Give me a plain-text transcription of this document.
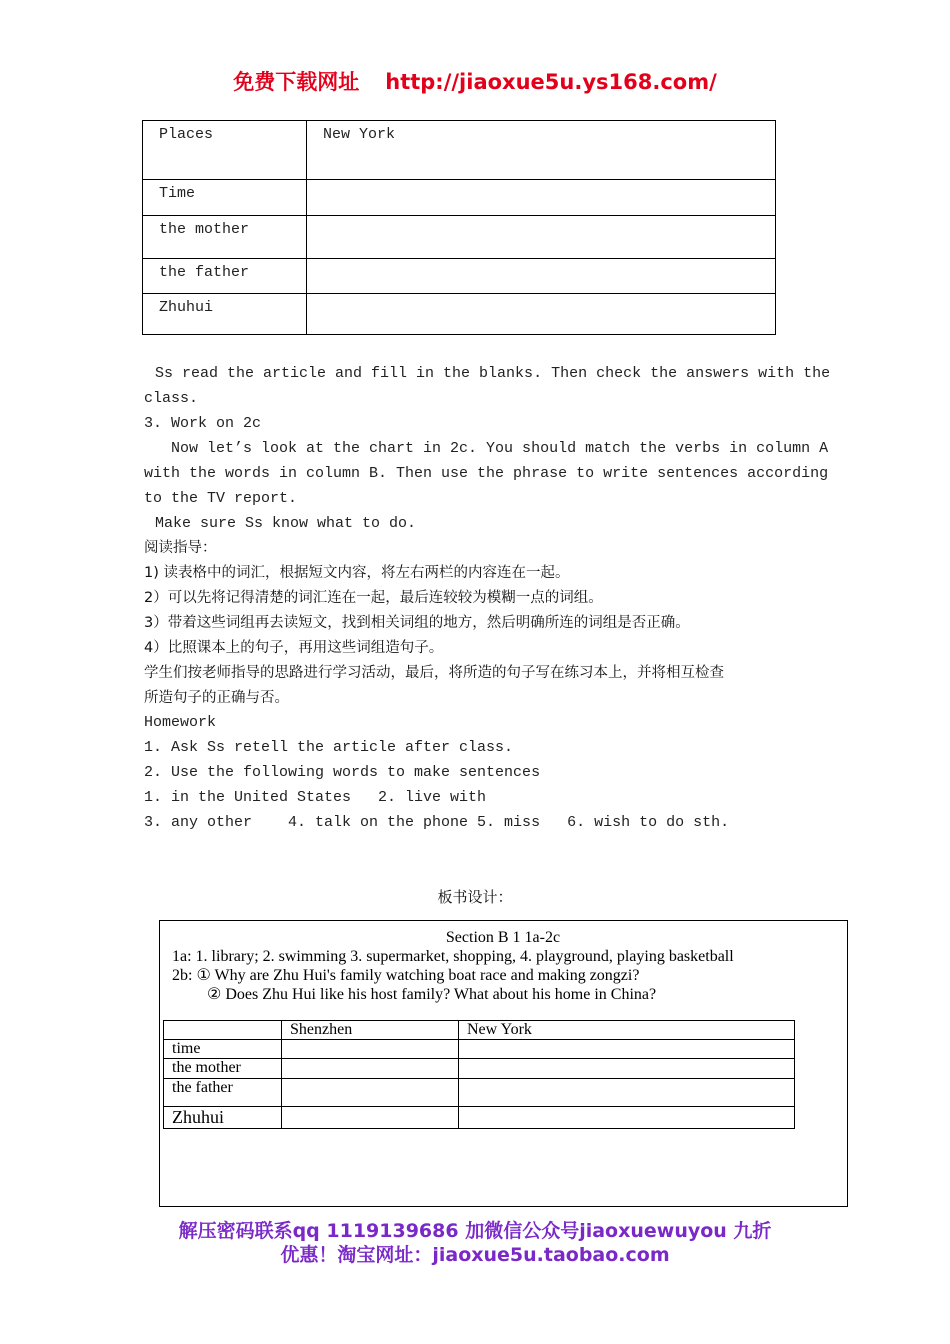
免费下载网址 http://jiaoxue5u.ys168.com/
Places	New York
Time	
the mother	
the father	
Zhuhui	
Ss read the article and fill in the blanks. Then check the answers with the
class.
3. Work on 2c
Now let’s look at the chart in 2c. You should match the verbs in column A
with the words in column B. Then use the phrase to write sentences according
to the TV report.
Make sure Ss know what to do.
阅读指导：
1) 读表格中的词汇，根据短文内容，将左右两栏的内容连在一起。
2）可以先将记得清楚的词汇连在一起，最后连较较为模糊一点的词组。
3）带着这些词组再去读短文，找到相关词组的地方，然后明确所连的词组是否正确。
4）比照课本上的句子，再用这些词组造句子。
学生们按老师指导的思路进行学习活动，最后，将所造的句子写在练习本上，并将相互检查
所造句子的正确与否。
Homework
1. Ask Ss retell the article after class.
2. Use the following words to make sentences
1. in the United States   2. live with
3. any other    4. talk on the phone 5. miss   6. wish to do sth.
板书设计：
Section B 1 1a-2c
1a: 1. library; 2. swimming 3. supermarket, shopping, 4. playground, playing basketball
2b: ① Why are Zhu Hui's family watching boat race and making zongzi?
② Does Zhu Hui like his host family? What about his home in China?
	Shenzhen	New York
time		
the mother		
the father		
Zhuhui		
解压密码联系qq 1119139686 加微信公众号jiaoxuewuyou 九折
优惠！淘宝网址：jiaoxue5u.taobao.com
